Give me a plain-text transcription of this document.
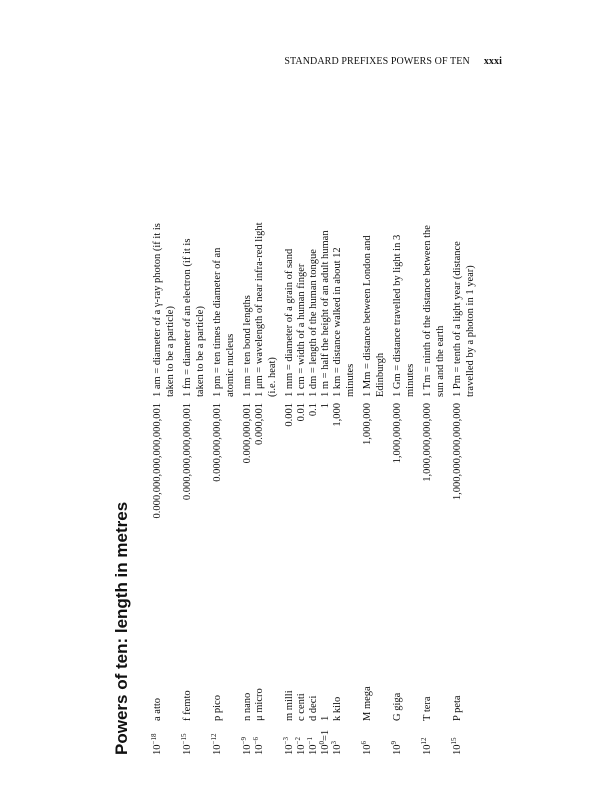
STANDARD PREFIXES POWERS OF TEN xxxi
Powers of ten: length in metres $10^{-18}$
a atto
0.000,000,000,000,000,001
1 am = diameter of a γ-ray photon (if it is taken to be a particle)
$10^{-15}$
f femto
0.000,000,000,000,001
1 fm = diameter of an electron (if it is taken to be a particle)
$10^{-12}$
p pico
0.000,000,000,001
1 pm = ten times the diameter of an atomic nucleus
$10^{-9}$
n nano
0.000,000,001
1 nm = ten bond lengths
$10^{-6}$
μ micro
0.000,001
1 μm = wavelength of near infra-red light (i.e. heat)
$10^{-3}$
m milli
0.001
1 mm = diameter of a grain of sand
$10^{-2}$
c centi
0.01
1 cm = width of a human finger
$10^{-1}$
d deci
0.1
1 dm = length of the human tongue
$10^0=1$
1
1
1 m = half the height of an adult human
$10^3$
k kilo
1,000
1 km = distance walked in about 12 minutes
$10^6$
M mega
1,000,000
1 Mm = distance between London and Edinburgh
$10^9$
G giga
1,000,000,000
1 Gm = distance travelled by light in 3 minutes
$10^{12}$
T tera
1,000,000,000,000
1 Tm = ninth of the distance between the sun and the earth
$10^{15}$
P peta
1,000,000,000,000,000
1 Pm = tenth of a light year (distance travelled by a photon in 1 year)
